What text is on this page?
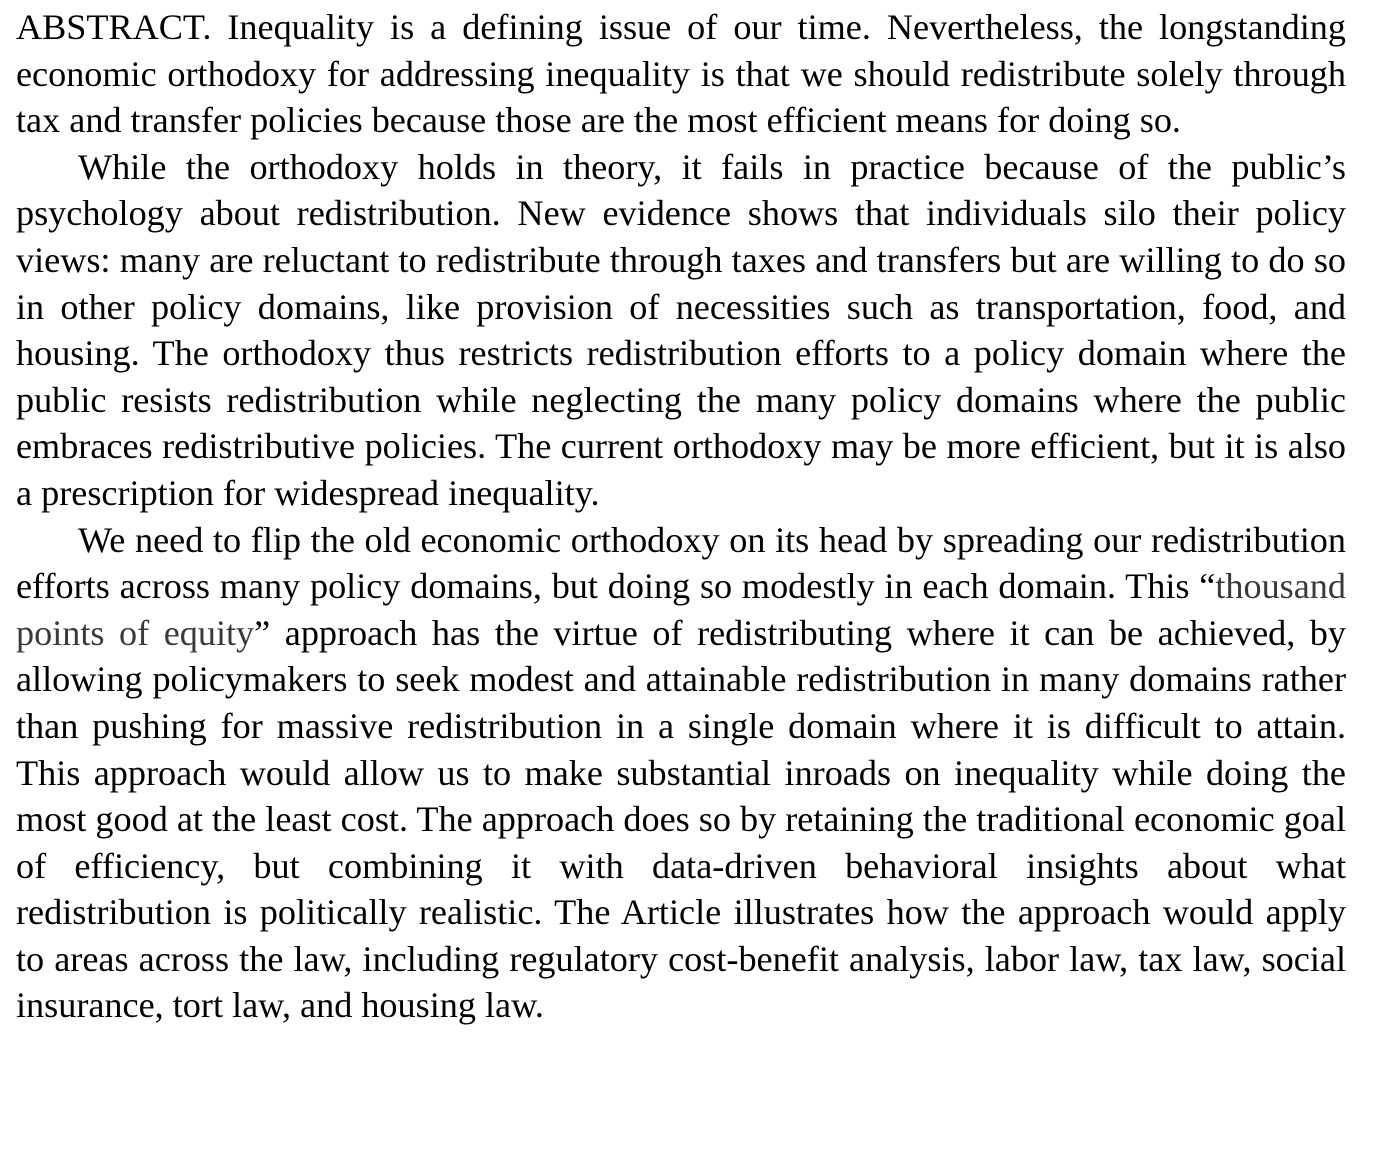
ABSTRACT. Inequality is a defining issue of our time. Nevertheless, the longstanding economic orthodoxy for addressing inequality is that we should redistribute solely through tax and transfer policies because those are the most efficient means for doing so.

While the orthodoxy holds in theory, it fails in practice because of the public’s psychology about redistribution. New evidence shows that individuals silo their policy views: many are reluctant to redistribute through taxes and transfers but are willing to do so in other policy domains, like provision of necessities such as transportation, food, and housing. The orthodoxy thus restricts redistribution efforts to a policy domain where the public resists redistribution while neglecting the many policy domains where the public embraces redistributive policies. The current orthodoxy may be more efficient, but it is also a prescription for widespread inequality.

We need to flip the old economic orthodoxy on its head by spreading our redistribution efforts across many policy domains, but doing so modestly in each domain. This “thousand points of equity” approach has the virtue of redistributing where it can be achieved, by allowing policymakers to seek modest and attainable redistribution in many domains rather than pushing for massive redistribution in a single domain where it is difficult to attain. This approach would allow us to make substantial inroads on inequality while doing the most good at the least cost. The approach does so by retaining the traditional economic goal of efficiency, but combining it with data-driven behavioral insights about what redistribution is politically realistic. The Article illustrates how the approach would apply to areas across the law, including regulatory cost-benefit analysis, labor law, tax law, social insurance, tort law, and housing law.
